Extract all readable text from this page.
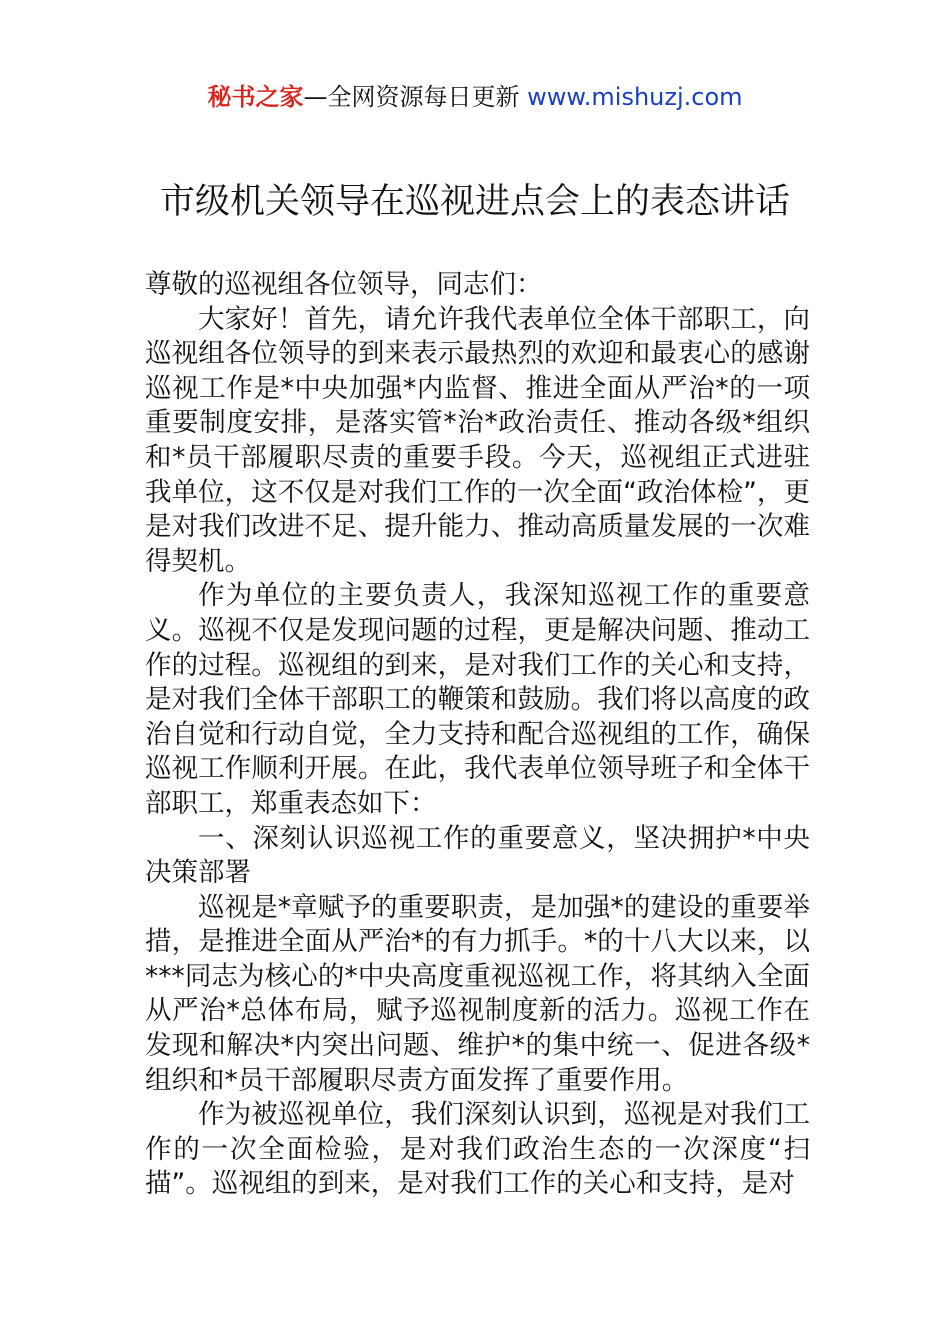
秘书之家—全网资源每日更新 www.mishuzj.com
市级机关领导在巡视进点会上的表态讲话

尊敬的巡视组各位领导，同志们：

大家好！首先，请允许我代表单位全体干部职工，向巡视组各位领导的到来表示最热烈的欢迎和最衷心的感谢巡视工作是*中央加强*内监督、推进全面从严治*的一项重要制度安排，是落实管*治*政治责任、推动各级*组织和*员干部履职尽责的重要手段。今天，巡视组正式进驻我单位，这不仅是对我们工作的一次全面“政治体检”，更是对我们改进不足、提升能力、推动高质量发展的一次难得契机。

作为单位的主要负责人，我深知巡视工作的重要意义。巡视不仅是发现问题的过程，更是解决问题、推动工作的过程。巡视组的到来，是对我们工作的关心和支持，是对我们全体干部职工的鞭策和鼓励。我们将以高度的政治自觉和行动自觉，全力支持和配合巡视组的工作，确保巡视工作顺利开展。在此，我代表单位领导班子和全体干部职工，郑重表态如下：

一、深刻认识巡视工作的重要意义，坚决拥护*中央决策部署

巡视是*章赋予的重要职责，是加强*的建设的重要举措，是推进全面从严治*的有力抓手。*的十八大以来，以***同志为核心的*中央高度重视巡视工作，将其纳入全面从严治*总体布局，赋予巡视制度新的活力。巡视工作在发现和解决*内突出问题、维护*的集中统一、促进各级*组织和*员干部履职尽责方面发挥了重要作用。

作为被巡视单位，我们深刻认识到，巡视是对我们工作的一次全面检验，是对我们政治生态的一次深度“扫描”。巡视组的到来，是对我们工作的关心和支持，是对
